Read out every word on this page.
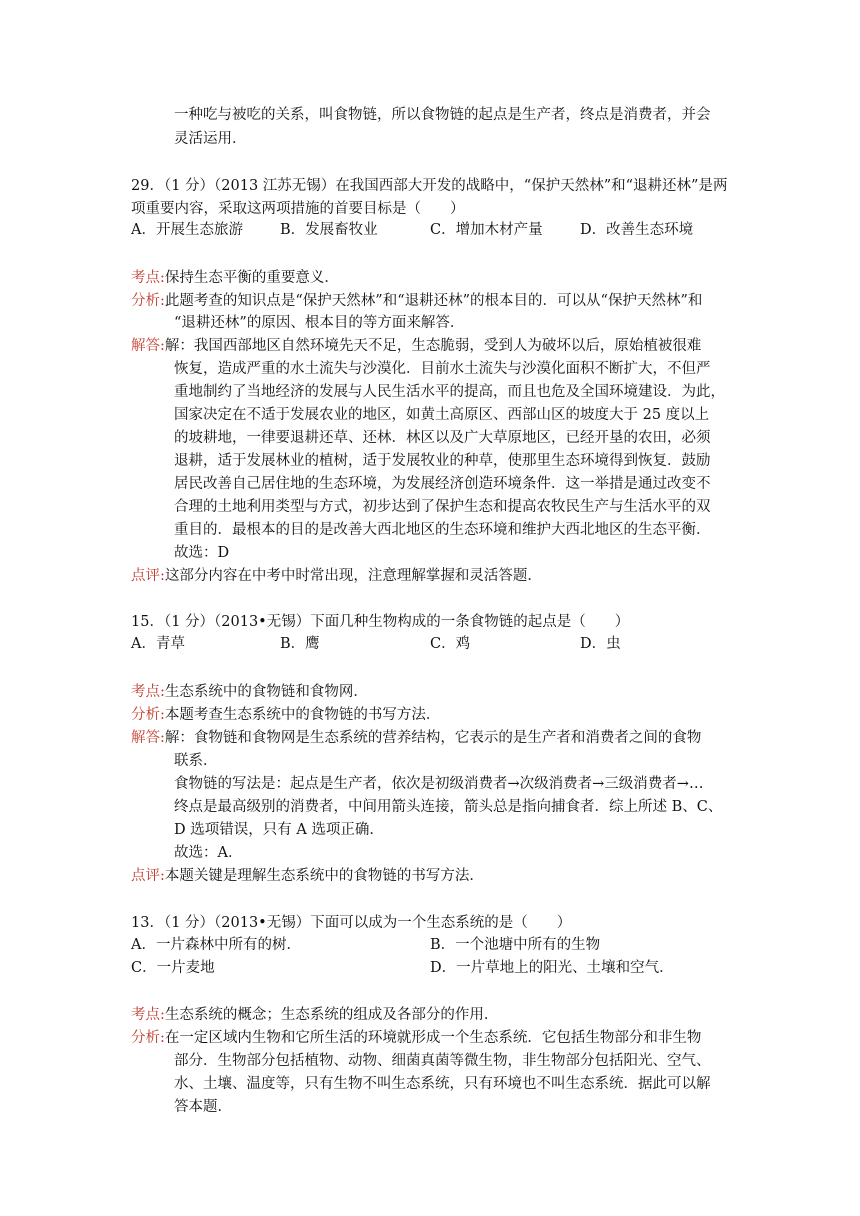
一种吃与被吃的关系，叫食物链，所以食物链的起点是生产者，终点是消费者，并会
灵活运用．
29．（1 分）（2013 江苏无锡）在我国西部大开发的战略中，“保护天然林”和“退耕还林”是两
项重要内容，采取这两项措施的首要目标是（　　）
A．开展生态旅游	B．发展畜牧业	C．增加木材产量	D．改善生态环境
考点:保持生态平衡的重要意义．
分析:此题考查的知识点是“保护天然林”和“退耕还林”的根本目的．可以从“保护天然林”和
“退耕还林”的原因、根本目的等方面来解答．
解答:解：我国西部地区自然环境先天不足，生态脆弱，受到人为破坏以后，原始植被很难
恢复，造成严重的水土流失与沙漠化．目前水土流失与沙漠化面积不断扩大，不但严
重地制约了当地经济的发展与人民生活水平的提高，而且也危及全国环境建设．为此，
国家决定在不适于发展农业的地区，如黄土高原区、西部山区的坡度大于 25 度以上
的坡耕地，一律要退耕还草、还林．林区以及广大草原地区，已经开垦的农田，必须
退耕，适于发展林业的植树，适于发展牧业的种草，使那里生态环境得到恢复．鼓励
居民改善自己居住地的生态环境，为发展经济创造环境条件．这一举措是通过改变不
合理的土地利用类型与方式，初步达到了保护生态和提高农牧民生产与生活水平的双
重目的．最根本的目的是改善大西北地区的生态环境和维护大西北地区的生态平衡．
故选：D
点评:这部分内容在中考中时常出现，注意理解掌握和灵活答题．
15．（1 分）（2013•无锡）下面几种生物构成的一条食物链的起点是（　　）
A．青草	B．鹰	C．鸡	D．虫
考点:生态系统中的食物链和食物网．
分析:本题考查生态系统中的食物链的书写方法．
解答:解：食物链和食物网是生态系统的营养结构，它表示的是生产者和消费者之间的食物
联系．
食物链的写法是：起点是生产者，依次是初级消费者→次级消费者→三级消费者→…
终点是最高级别的消费者，中间用箭头连接，箭头总是指向捕食者．综上所述 B、C、
D 选项错误，只有 A 选项正确．
故选：A．
点评:本题关键是理解生态系统中的食物链的书写方法．
13．（1 分）（2013•无锡）下面可以成为一个生态系统的是（　　）
A．一片森林中所有的树．	B．一个池塘中所有的生物
C．一片麦地	D．一片草地上的阳光、土壤和空气．
考点:生态系统的概念；生态系统的组成及各部分的作用．
分析:在一定区域内生物和它所生活的环境就形成一个生态系统．它包括生物部分和非生物
部分．生物部分包括植物、动物、细菌真菌等微生物，非生物部分包括阳光、空气、
水、土壤、温度等，只有生物不叫生态系统，只有环境也不叫生态系统．据此可以解
答本题．
